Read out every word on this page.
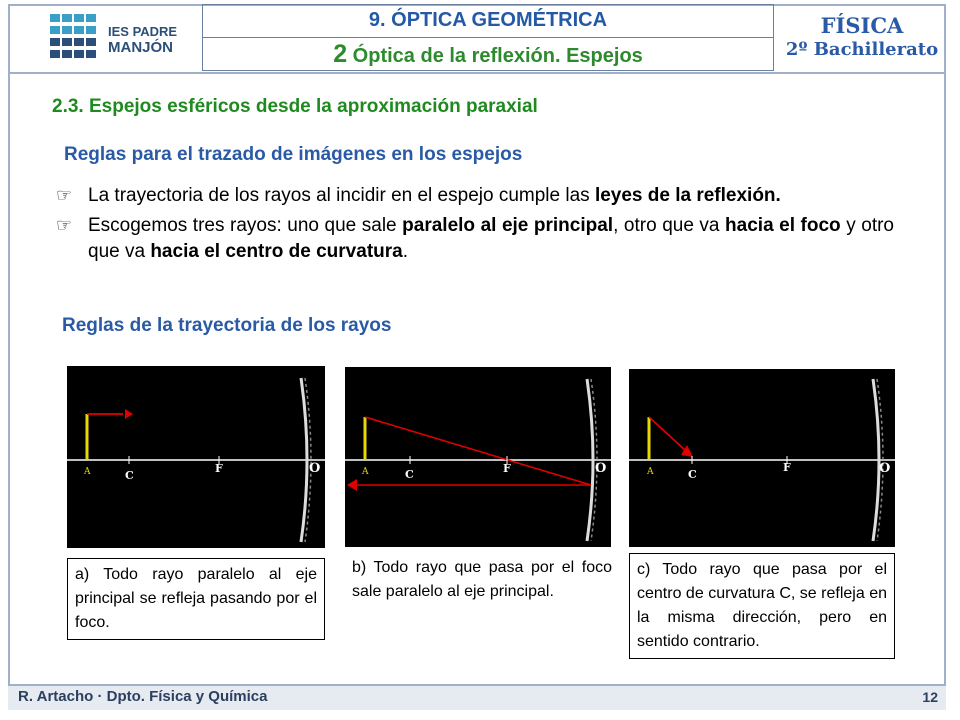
IES PADRE
MANJÓN
9. ÓPTICA GEOMÉTRICA
2 Óptica de la reflexión. Espejos
FÍSICA
2º Bachillerato
2.3. Espejos esféricos desde la aproximación paraxial
Reglas para el trazado de imágenes en los espejos
☞ La trayectoria de los rayos al incidir en el espejo cumple las leyes de la reflexión.
☞ Escogemos tres rayos: uno que sale paralelo al eje principal, otro que va hacia el foco y otro que va hacia el centro de curvatura.
Reglas de la trayectoria de los rayos
A	C
F	O
a) Todo rayo paralelo al eje principal se refleja pasando por el foco.
A	C	F	O
b) Todo rayo que pasa por el foco sale paralelo al eje principal.
A	C
F	O
c) Todo rayo que pasa por el centro de curvatura C, se refleja en la misma dirección, pero en sentido contrario.
R. Artacho · Dpto. Física y Química	12
